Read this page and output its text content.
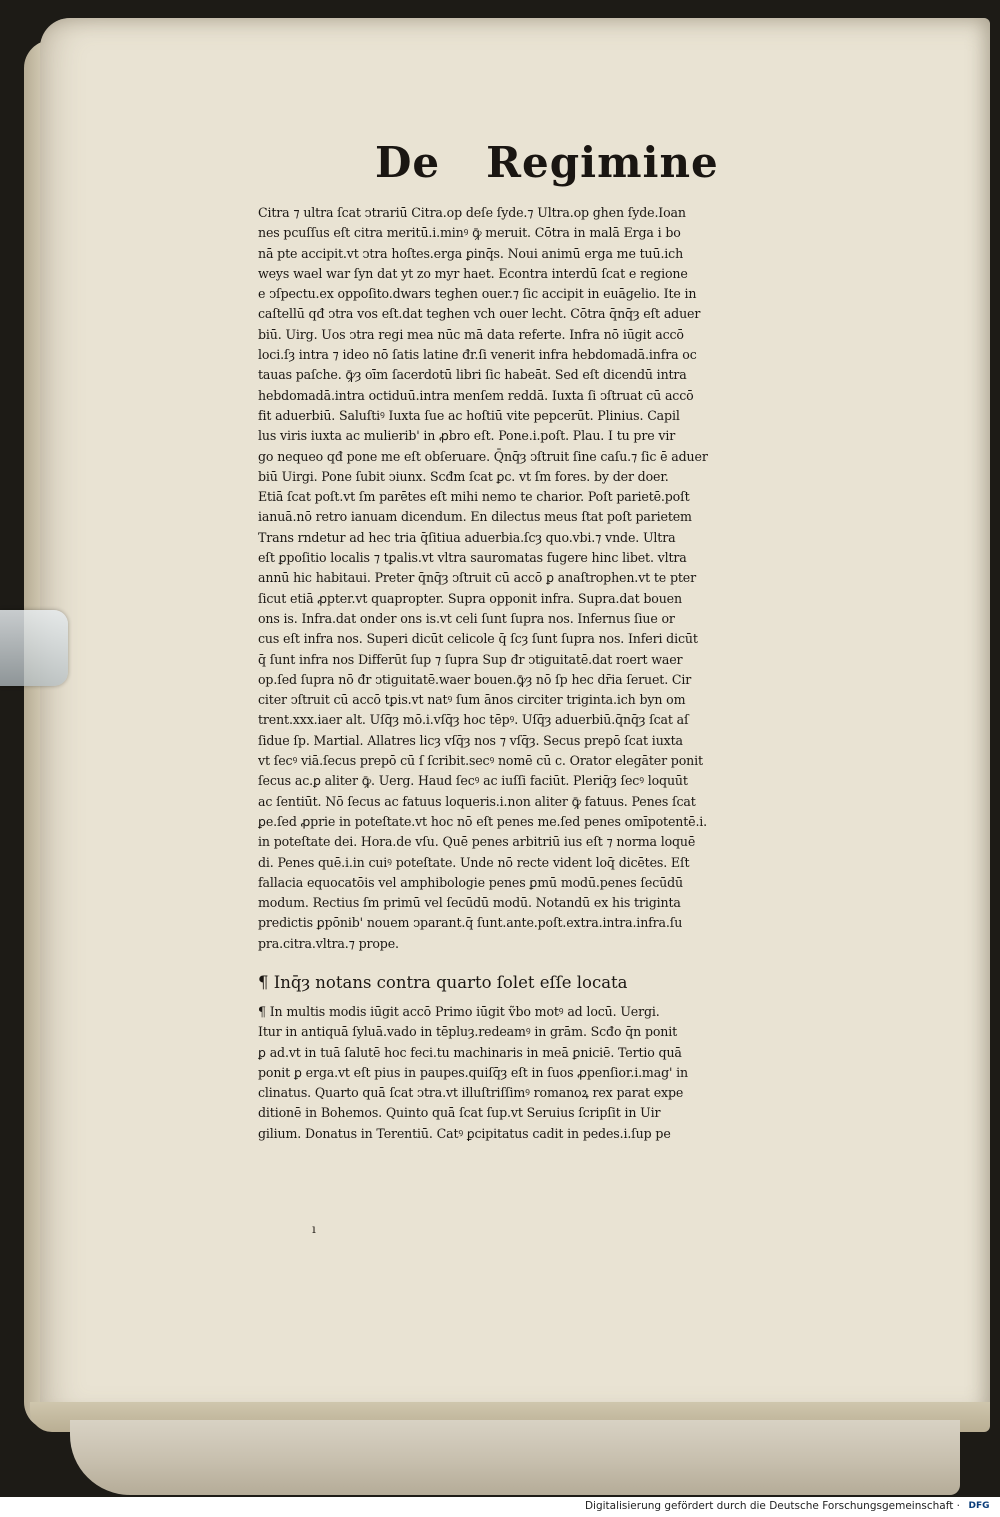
De Regimine
Citra ⁊ ultra ſcat ↄtrariū Citra.op deſe ſyde.⁊ Ultra.op ghen ſyde.Ioan
nes pcuſſus eſt citra meritū.i.minꝰ ꝙ̄ meruit. Cōtra in malā Erga i bo
nā pte accipit.vt ↄtra hoſtes.erga ꝑinq̄s. Noui animū erga me tuū.ich
weys wael war ſyn dat yt zo myr haet. Econtra interdū ſcat e regione
e ↄſpectu.ex oppoſito.dwars teghen ouer.⁊ ſic accipit in euāgelio. Ite in
caſtellū qđ ↄtra vos eſt.dat teghen vch ouer lecht. Cōtra q̄nq̄ȝ eſt aduer
biū. Uirg. Uos ↄtra regi mea nūc mā data referte. Infra nō iūgit accō
loci.ſȝ intra ⁊ ideo nō ſatis latine đr.ſi venerit infra hebdomadā.infra oc
tauas paſche. ꝙ̄ȝ oīm ſacerdotū libri ſic habeāt. Sed eſt dicendū intra
hebdomadā.intra octiduū.intra menſem reddā. Iuxta ſi ↄſtruat cū accō
fit aduerbiū. Saluſtiꝰ Iuxta ſue ac hoſtiū vite pepcerūt. Plinius. Capil
lus viris iuxta ac mulierib' in ꝓbro eſt. Pone.i.poſt. Plau. I tu pre vir
go nequeo qđ pone me eſt obſeruare. Q̄nq̄ȝ ↄſtruit ſine caſu.⁊ ſic ē aduer
biū Uirgi. Pone ſubit ↄiunx. Scđm ſcat ꝑc. vt ſm fores. by der doer.
Etiā ſcat poſt.vt ſm parētes eſt mihi nemo te charior. Poſt parietē.poſt
ianuā.nō retro ianuam dicendum. En dilectus meus ſtat poſt parietem
Trans rndetur ad hec tria q̄ſitiua aduerbia.ſcȝ quo.vbi.⁊ vnde. Ultra
eſt ꝑpoſitio localis ⁊ tꝑalis.vt vltra sauromatas fugere hinc libet. vltra
annū hic habitaui. Preter q̄nq̄ȝ ↄſtruit cū accō ꝑ anaſtrophen.vt te pter
ſicut etiā ꝓpter.vt quapropter. Supra opponit infra. Supra.dat bouen
ons is. Infra.dat onder ons is.vt celi ſunt ſupra nos. Infernus ſiue or
cus eſt infra nos. Superi dicūt celicole q̄ ſcȝ ſunt ſupra nos. Inferi dicūt
q̄ ſunt infra nos Differūt ſup ⁊ ſupra Sup đr ↄtiguitatē.dat roert waer
op.ſed ſupra nō đr ↄtiguitatē.waer bouen.ꝙ̄ȝ nō ſp hec dr̄ia ſeruet. Cir
citer ↄſtruit cū accō tꝑis.vt natꝰ ſum ānos circiter triginta.ich byn om
trent.xxx.iaer alt. Uſq̄ȝ mō.i.vſq̄ȝ hoc tēpꝰ. Uſq̄ȝ aduerbiū.q̄nq̄ȝ ſcat aſ
ſidue ſp. Martial. Allatres licȝ vſq̄ȝ nos ⁊ vſq̄ȝ. Secus prepō ſcat iuxta
vt ſecꝰ viā.ſecus prepō cū ſ ſcribit.secꝰ nomē cū c. Orator elegāter ponit
ſecus ac.ꝑ aliter ꝙ̄. Uerg. Haud ſecꝰ ac iuſſi faciūt. Pleriq̄ȝ ſecꝰ loquūt
ac ſentiūt. Nō ſecus ac fatuus loqueris.i.non aliter ꝙ̄ fatuus. Penes ſcat
ꝑe.ſed ꝓprie in poteſtate.vt hoc nō eſt penes me.ſed penes omīpotentē.i.
in poteſtate dei. Hora.de vſu. Quē penes arbitriū ius eſt ⁊ norma loquē
di. Penes quē.i.in cuiꝰ poteſtate. Unde nō recte vident loq̄ dicētes. Eſt
fallacia equocatōis vel amphibologie penes ꝑmū modū.penes ſecūdū
modum. Rectius ſm primū vel ſecūdū modū. Notandū ex his triginta
predictis ꝑpōnib' nouem ↄparant.q̄ ſunt.ante.poſt.extra.intra.infra.ſu
pra.citra.vltra.⁊ prope.
¶ Inq̄ȝ notans contra quarto ſolet eſſe locata
¶ In multis modis iūgit accō Primo iūgit ṽbo motꝰ ad locū. Uergi.
Itur in antiquā ſyluā.vado in tēpluȝ.redeamꝰ in grām. Scđo q̄n ponit
ꝑ ad.vt in tuā ſalutē hoc feci.tu machinaris in meā ꝑniciē. Tertio quā
ponit ꝑ erga.vt eſt pius in paupes.quiſq̄ȝ eſt in ſuos ꝓpenſior.i.mag' in
clinatus. Quarto quā ſcat ↄtra.vt illuſtriſſimꝰ romanoꝝ rex parat expe
ditionē in Bohemos. Quinto quā ſcat ſup.vt Seruius ſcripſit in Uir
gilium. Donatus in Terentiū. Catꝰ ꝑcipitatus cadit in pedes.i.ſup pe
ı
Digitalisierung gefördert durch die Deutsche Forschungsgemeinschaft · DFG
